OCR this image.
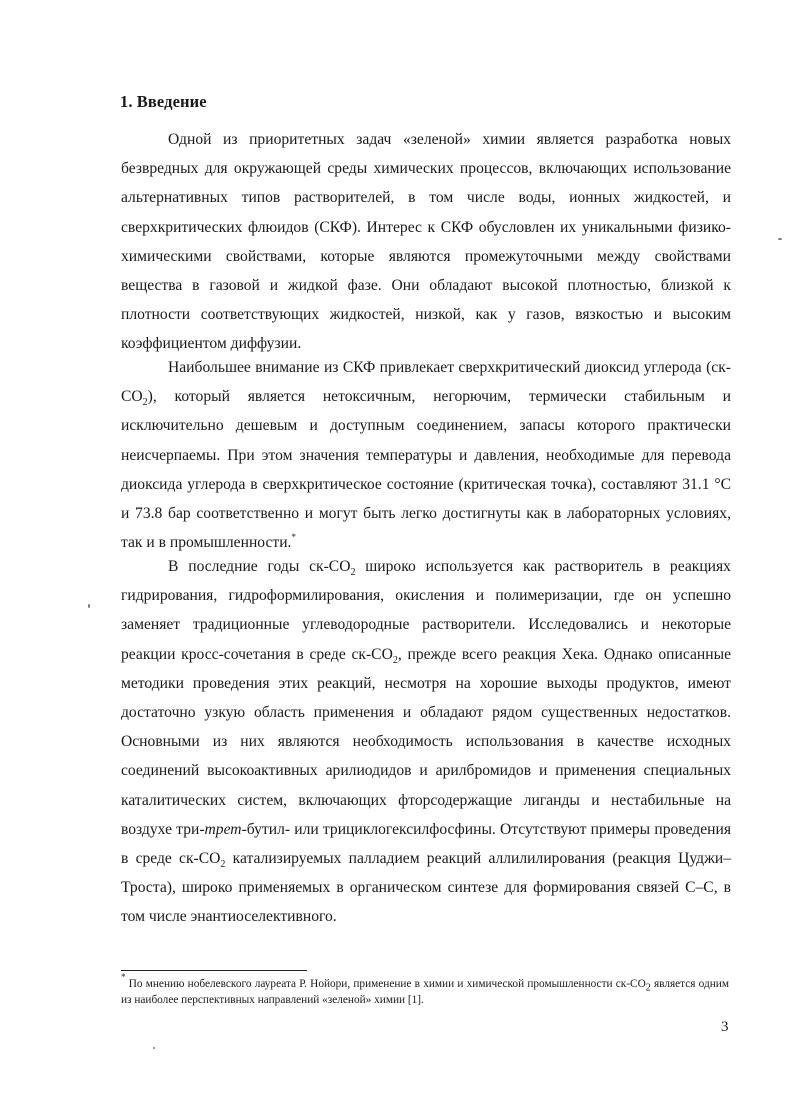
1. Введение

Одной из приоритетных задач «зеленой» химии является разработка новых безвредных для окружающей среды химических процессов, включающих использование альтернативных типов растворителей, в том числе воды, ионных жидкостей, и сверхкритических флюидов (СКФ). Интерес к СКФ обусловлен их уникальными физико-химическими свойствами, которые являются промежуточными между свойствами вещества в газовой и жидкой фазе. Они обладают высокой плотностью, близкой к плотности соответствующих жидкостей, низкой, как у газов, вязкостью и высоким коэффициентом диффузии.

Наибольшее внимание из СКФ привлекает сверхкритический диоксид углерода $(ск-CO_2)$, который является нетоксичным, негорючим, термически стабильным и исключительно дешевым и доступным соединением, запасы которого практически неисчерпаемы. При этом значения температуры и давления, необходимые для перевода диоксида углерода в сверхкритическое состояние (критическая точка), составляют 31.1 °С и 73.8 бар соответственно и могут быть легко достигнуты как в лабораторных условиях, так и в промышленности.*

В последние годы $ск-CO_2$ широко используется как растворитель в реакциях гидрирования, гидроформилирования, окисления и полимеризации, где он успешно заменяет традиционные углеводородные растворители. Исследовались и некоторые реакции кросс-сочетания в среде $ск-CO_2$, прежде всего реакция Хека. Однако описанные методики проведения этих реакций, несмотря на хорошие выходы продуктов, имеют достаточно узкую область применения и обладают рядом существенных недостатков. Основными из них являются необходимость использования в качестве исходных соединений высокоактивных арилиодидов и арилбромидов и применения специальных каталитических систем, включающих фторсодержащие лиганды и нестабильные на воздухе три-трет-бутил- или трициклогексилфосфины. Отсутствуют примеры проведения в среде $ск-CO_2$ катализируемых палладием реакций аллилилирования (реакция Цуджи–Троста), широко применяемых в органическом синтезе для формирования связей С–С, в том числе энантиоселективного.

* По мнению нобелевского лауреата Р. Нойори, применение в химии и химической промышленности $ск-CO_2$ является одним из наиболее перспективных направлений «зеленой» химии [1].

3
